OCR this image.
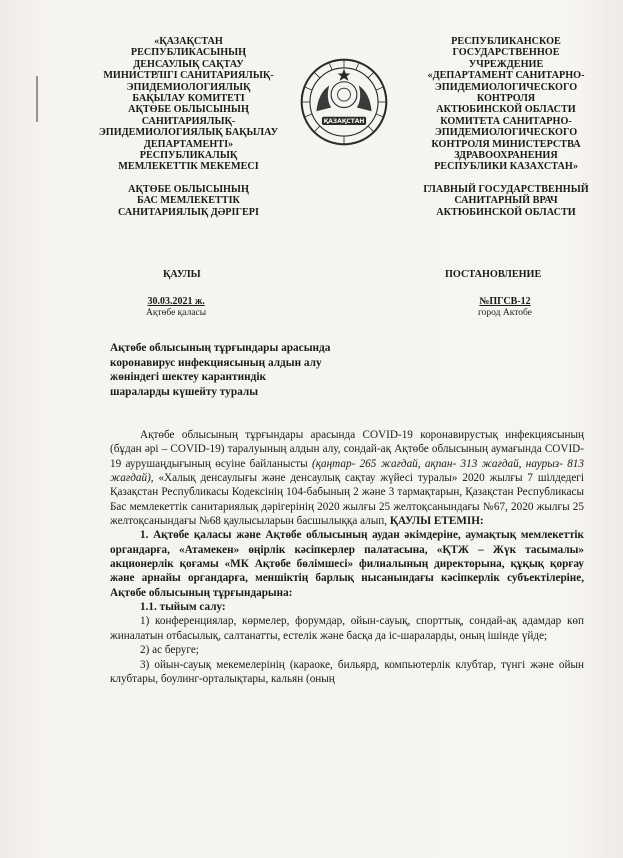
«ҚАЗАҚСТАН
РЕСПУБЛИКАСЫНЫҢ
ДЕНСАУЛЫҚ САҚТАУ
МИНИСТРЛІГІ САНИТАРИЯЛЫҚ-
ЭПИДЕМИОЛОГИЯЛЫҚ
БАҚЫЛАУ КОМИТЕТІ
АҚТӨБЕ ОБЛЫСЫНЫҢ
САНИТАРИЯЛЫҚ-
ЭПИДЕМИОЛОГИЯЛЫҚ БАҚЫЛАУ
ДЕПАРТАМЕНТІ»
РЕСПУБЛИКАЛЫҚ
МЕМЛЕКЕТТІК МЕКЕМЕСІ
АҚТӨБЕ ОБЛЫСЫНЫҢ
БАС МЕМЛЕКЕТТІК
САНИТАРИЯЛЫҚ ДӘРІГЕРІ
РЕСПУБЛИКАНСКОЕ
ГОСУДАРСТВЕННОЕ
УЧРЕЖДЕНИЕ
«ДЕПАРТАМЕНТ САНИТАРНО-
ЭПИДЕМИОЛОГИЧЕСКОГО
КОНТРОЛЯ
АКТЮБИНСКОЙ ОБЛАСТИ
КОМИТЕТА САНИТАРНО-
ЭПИДЕМИОЛОГИЧЕСКОГО
КОНТРОЛЯ МИНИСТЕРСТВА
ЗДРАВООХРАНЕНИЯ
РЕСПУБЛИКИ КАЗАХСТАН»
ГЛАВНЫЙ ГОСУДАРСТВЕННЫЙ
САНИТАРНЫЙ ВРАЧ
АКТЮБИНСКОЙ ОБЛАСТИ
ҚАЗАҚСТАН
ҚАУЛЫ	ПОСТАНОВЛЕНИЕ
30.03.2021 ж.
Ақтөбе қаласы
№ПГСВ-12
город Актобе
Ақтөбе облысының тұрғындары арасында
коронавирус инфекциясының алдын алу
жөніндегі шектеу карантиндік
шараларды күшейту туралы

Ақтөбе облысының тұрғындары арасында COVID-19 коронавирустық инфекциясының (бұдан әрі – COVID-19) таралуының алдын алу, сондай-ақ Ақтөбе облысының аумағында COVID-19 аурушаңдығының өсуіне байланысты (қаңтар- 265 жағдай, ақпан- 313 жағдай, наурыз- 813 жағдай), «Халық денсаулығы және денсаулық сақтау жүйесі туралы» 2020 жылғы 7 шілдедегі Қазақстан Республикасы Кодексінің 104-бабының 2 және 3 тармақтарын, Қазақстан Республикасы Бас мемлекеттік санитариялық дәрігерінің 2020 жылғы 25 желтоқсанындағы №67, 2020 жылғы 25 желтоқсанындағы №68 қаулысыларын басшылыққа алып, ҚАУЛЫ ЕТЕМІН:

1. Ақтөбе қаласы және Ақтөбе облысының аудан әкімдеріне, аумақтық мемлекеттік органдарға, «Атамекен» өңірлік кәсіпкерлер палатасына, «ҚТЖ – Жүк тасымалы» акционерлік қоғамы «МК Ақтөбе бөлімшесі» филиалының директорына, құқық қорғау және арнайы органдарға, меншіктің барлық нысанындағы кәсіпкерлік субъектілеріне, Ақтөбе облысының тұрғындарына:

1.1. тыйым салу:

1) конференциялар, көрмелер, форумдар, ойын-сауық, спорттық, сондай-ақ адамдар көп жиналатын отбасылық, салтанатты, естелік және басқа да іс-шараларды, оның ішінде үйде;

2) ас беруге;

3) ойын-сауық мекемелерінің (караоке, бильярд, компьютерлік клубтар, түнгі және ойын клубтары, боулинг-орталықтары, кальян (оның
